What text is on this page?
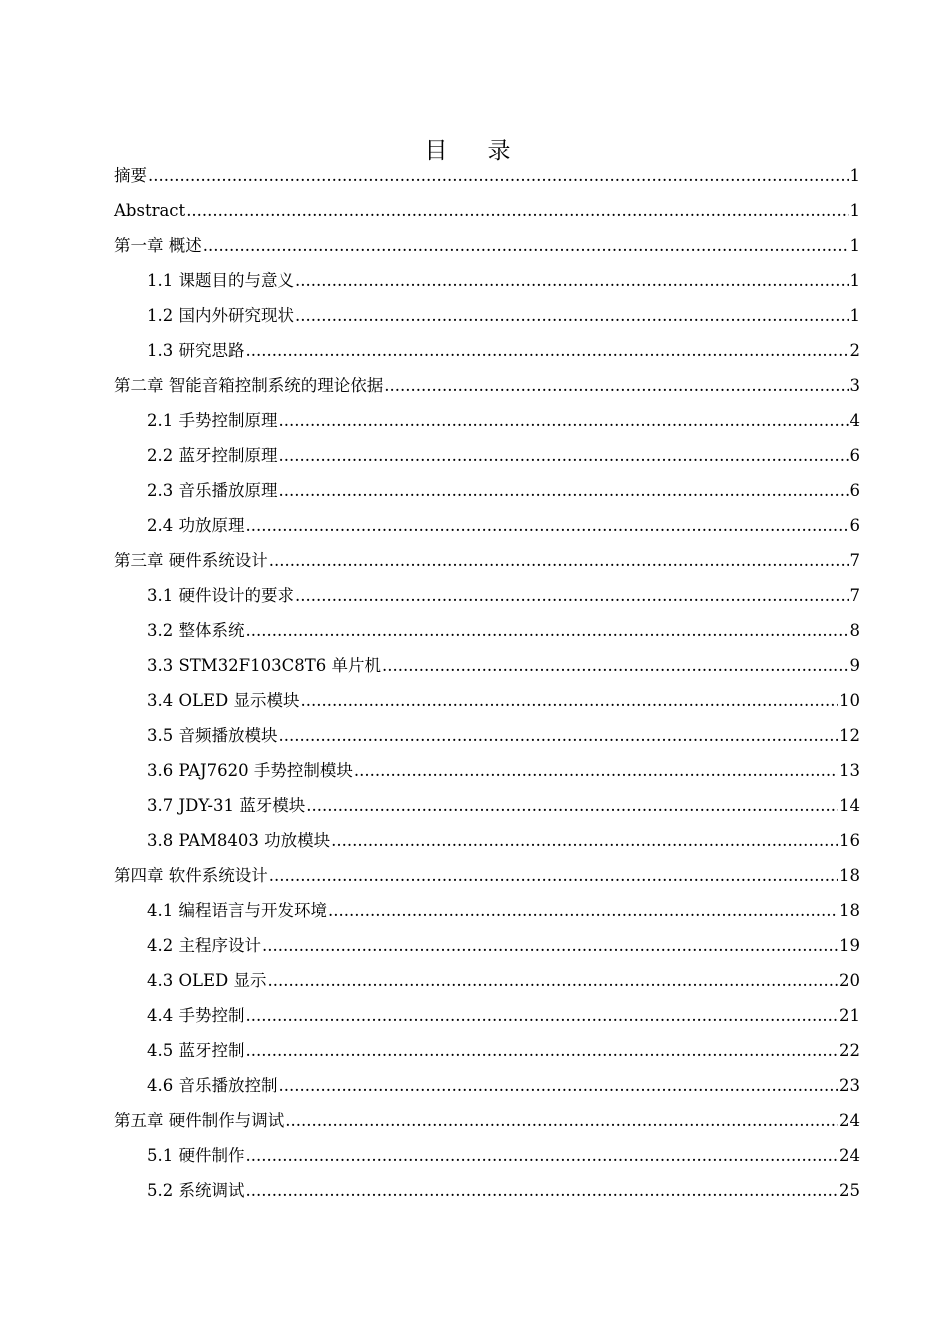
目录
摘要 .....	1
Abstract .....	1
第一章 概述 .....	1
1.1 课题目的与意义 .....	1
1.2 国内外研究现状 .....	1
1.3 研究思路 .....	2
第二章 智能音箱控制系统的理论依据 .....	3
2.1 手势控制原理 .....	4
2.2 蓝牙控制原理 .....	6
2.3 音乐播放原理 .....	6
2.4 功放原理 .....	6
第三章 硬件系统设计 .....	7
3.1 硬件设计的要求 .....	7
3.2 整体系统 .....	8
3.3 STM32F103C8T6 单片机 .....	9
3.4 OLED 显示模块 .....	10
3.5 音频播放模块 .....	12
3.6 PAJ7620 手势控制模块 .....	13
3.7 JDY-31 蓝牙模块 .....	14
3.8 PAM8403 功放模块 .....	16
第四章 软件系统设计 .....	18
4.1 编程语言与开发环境 .....	18
4.2 主程序设计 .....	19
4.3 OLED 显示 .....	20
4.4 手势控制 .....	21
4.5 蓝牙控制 .....	22
4.6 音乐播放控制 .....	23
第五章 硬件制作与调试 .....	24
5.1 硬件制作 .....	24
5.2 系统调试 .....	25
